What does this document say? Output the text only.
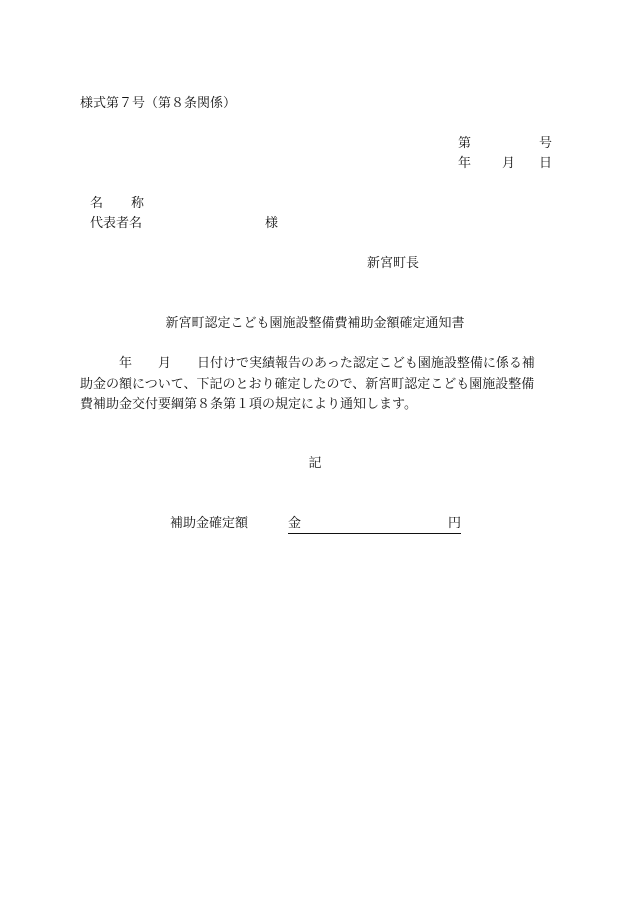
様式第７号（第８条関係）
第	号
年 月 日
名 称
代表者名	様
新宮町長
新宮町認定こども園施設整備費補助金額確定通知書
　　　年　　月　　日付けで実績報告のあった認定こども園施設整備に係る補
助金の額について、下記のとおり確定したので、新宮町認定こども園施設整備
費補助金交付要綱第８条第１項の規定により通知します。
記
補助金確定額	金	円
